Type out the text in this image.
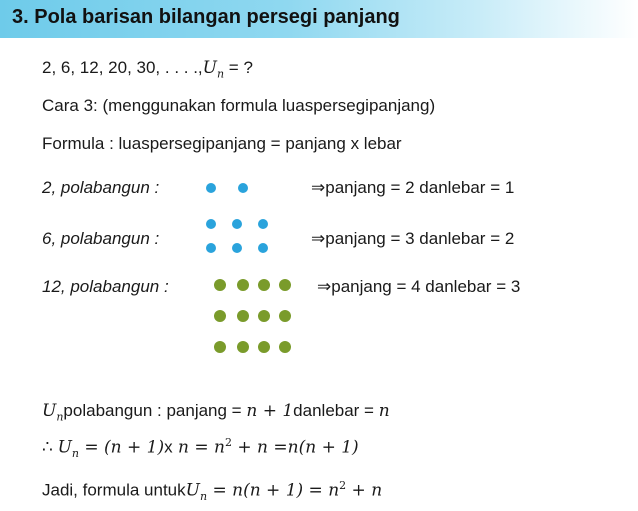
3. Pola barisan bilangan persegi panjang
2, 6, 12, 20, 30, . . . $.,U_n$ = ?
Cara 3: (menggunakan formula luaspersegipanjang)
Formula : luaspersegipanjang = panjang x lebar
2, polabangun :	⇒panjang = 2 danlebar = 1
6, polabangun :	⇒panjang = 3 danlebar = 2
12, polabangun :	⇒panjang = 4 danlebar = 3
$U_npolabangun$ : panjang = n + 1danlebar = n
∴ $U_n = (n + 1)x$ $n = n^2 + n =n(n + 1)$
Jadi, formula untukU$_n$ = $n(n + 1) = n^2 + n$
